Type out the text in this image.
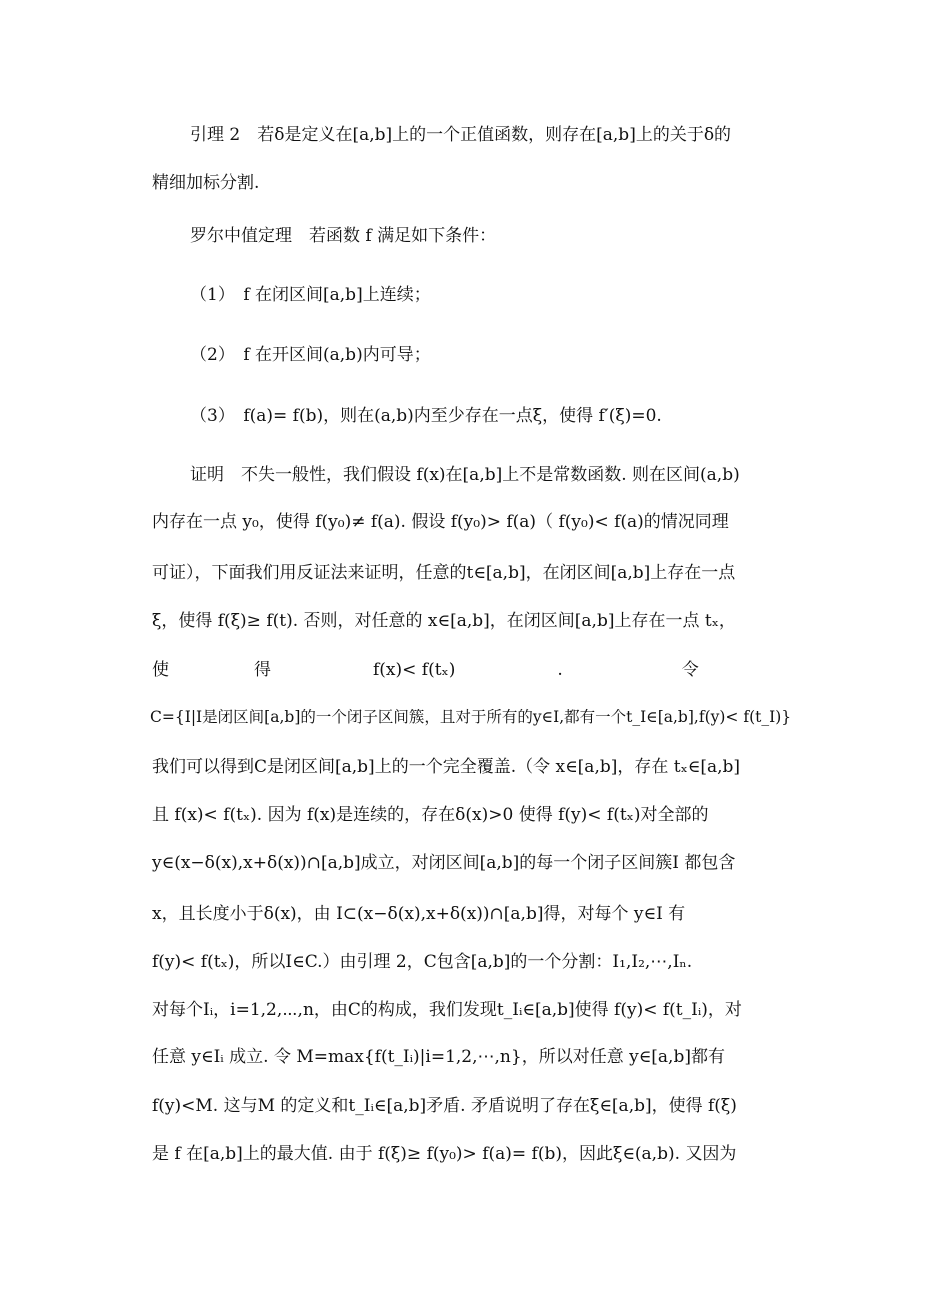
引理 2　若δ是定义在[a,b]上的一个正值函数，则存在[a,b]上的关于δ的
精细加标分割.
罗尔中值定理　若函数 f 满足如下条件：
（1）　f 在闭区间[a,b]上连续；
（2）　f 在开区间(a,b)内可导；
（3）　f(a)= f(b)，则在(a,b)内至少存在一点ξ，使得 f′(ξ)=0.
证明　不失一般性，我们假设 f(x)在[a,b]上不是常数函数. 则在区间(a,b)
内存在一点 y₀，使得 f(y₀)≠ f(a). 假设 f(y₀)> f(a)（ f(y₀)< f(a)的情况同理
可证），下面我们用反证法来证明，任意的t∈[a,b]，在闭区间[a,b]上存在一点
ξ，使得 f(ξ)≥ f(t). 否则，对任意的 x∈[a,b]，在闭区间[a,b]上存在一点 tₓ，
使　　　　　得　　　　　　f(x)< f(tₓ)　　　　　　.　　　　　　　令
C={I|I是闭区间[a,b]的一个闭子区间簇，且对于所有的y∈I,都有一个t_I∈[a,b],f(y)< f(t_I)}
我们可以得到C是闭区间[a,b]上的一个完全覆盖.（令 x∈[a,b]，存在 tₓ∈[a,b]
且 f(x)< f(tₓ). 因为 f(x)是连续的，存在δ(x)>0 使得 f(y)< f(tₓ)对全部的
y∈(x−δ(x),x+δ(x))∩[a,b]成立，对闭区间[a,b]的每一个闭子区间簇I 都包含
x，且长度小于δ(x)，由 I⊂(x−δ(x),x+δ(x))∩[a,b]得，对每个 y∈I 有
f(y)< f(tₓ)，所以I∈C.）由引理 2，C包含[a,b]的一个分割：I₁,I₂,⋯,Iₙ.
对每个Iᵢ，i=1,2,⋯,n，由C的构成，我们发现t_Iᵢ∈[a,b]使得 f(y)< f(t_Iᵢ)，对
任意 y∈Iᵢ 成立. 令 M=max{f(t_Iᵢ)|i=1,2,⋯,n}，所以对任意 y∈[a,b]都有
f(y)<M. 这与M 的定义和t_Iᵢ∈[a,b]矛盾. 矛盾说明了存在ξ∈[a,b]，使得 f(ξ)
是 f 在[a,b]上的最大值. 由于 f(ξ)≥ f(y₀)> f(a)= f(b)，因此ξ∈(a,b). 又因为
